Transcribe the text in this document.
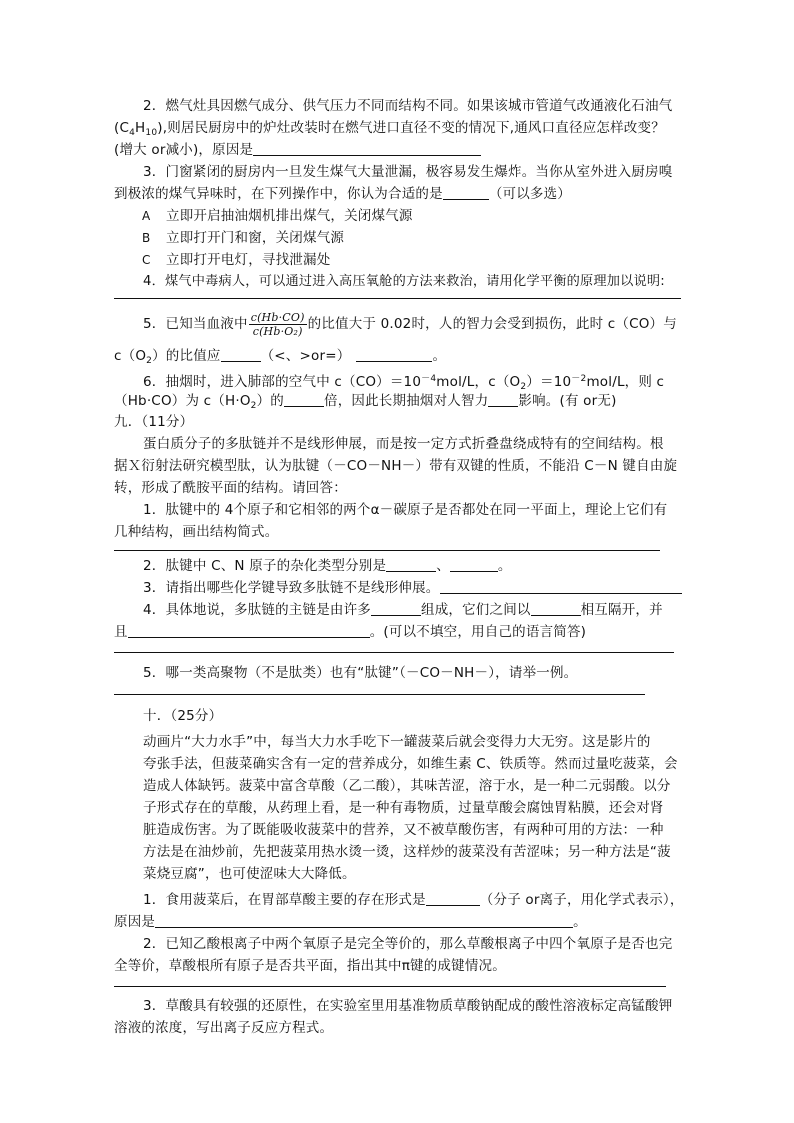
2．燃气灶具因燃气成分、供气压力不同而结构不同。如果该城市管道气改通液化石油气
$(C_4H_{10})$,则居民厨房中的炉灶改装时在燃气进口直径不变的情况下,通风口直径应怎样改变？
(增大 or减小)，原因是
3．门窗紧闭的厨房内一旦发生煤气大量泄漏，极容易发生爆炸。当你从室外进入厨房嗅
到极浓的煤气异味时，在下列操作中，你认为合适的是	（可以多选）
A 立即开启抽油烟机排出煤气，关闭煤气源
B 立即打开门和窗，关闭煤气源
C 立即打开电灯，寻找泄漏处
4．煤气中毒病人，可以通过进入高压氧舱的方法来救治，请用化学平衡的原理加以说明:
5．已知当血液中 $\frac{c(Hb\cdot CO)}{\text{c(Hb·O₂)}}$ 的比值大于 0.02时，人的智力会受到损伤，此时 c（CO）与
$c(O_2)$的比值应	（<、>or=）	。
6．抽烟时，进入肺部的空气中 $c(CO)=10^{-4}mol/L$，$c(O_2)=10^{-2}mol/L$，则 c
（Hb·CO）为 $c(H\cdot O_2)$的	倍，因此长期抽烟对人智力 影响。(有 or无)
九．（11分）
蛋白质分子的多肽链并不是线形伸展，而是按一定方式折叠盘绕成特有的空间结构。根
据Ｘ衍射法研究模型肽，认为肽键（－CO－NH－）带有双键的性质，不能沿 C－N 键自由旋
转，形成了酰胺平面的结构。请回答：
1．肽键中的 4个原子和它相邻的两个α－碳原子是否都处在同一平面上，理论上它们有
几种结构，画出结构简式。
2．肽键中 C、N 原子的杂化类型分别是	、	。
3．请指出哪些化学键导致多肽链不是线形伸展。
4．具体地说，多肽链的主链是由许多	组成，它们之间以	相互隔开，并
且	。(可以不填空，用自己的语言简答)
5．哪一类高聚物（不是肽类）也有“肽键”（－CO－NH－），请举一例。
十．（25分）
动画片“大力水手”中，每当大力水手吃下一罐菠菜后就会变得力大无穷。这是影片的
夸张手法，但菠菜确实含有一定的营养成分，如维生素 C、铁质等。然而过量吃菠菜，会
造成人体缺钙。菠菜中富含草酸（乙二酸），其味苦涩，溶于水，是一种二元弱酸。以分
子形式存在的草酸，从药理上看，是一种有毒物质，过量草酸会腐蚀胃粘膜，还会对肾
脏造成伤害。为了既能吸收菠菜中的营养，又不被草酸伤害，有两种可用的方法：一种
方法是在油炒前，先把菠菜用热水烫一烫，这样炒的菠菜没有苦涩味；另一种方法是“菠
菜烧豆腐”，也可使涩味大大降低。
1．食用菠菜后，在胃部草酸主要的存在形式是	（分子 or离子，用化学式表示），
原因是	。
2．已知乙酸根离子中两个氧原子是完全等价的，那么草酸根离子中四个氧原子是否也完
全等价，草酸根所有原子是否共平面，指出其中π键的成键情况。
3．草酸具有较强的还原性，在实验室里用基准物质草酸钠配成的酸性溶液标定高锰酸钾
溶液的浓度，写出离子反应方程式。
